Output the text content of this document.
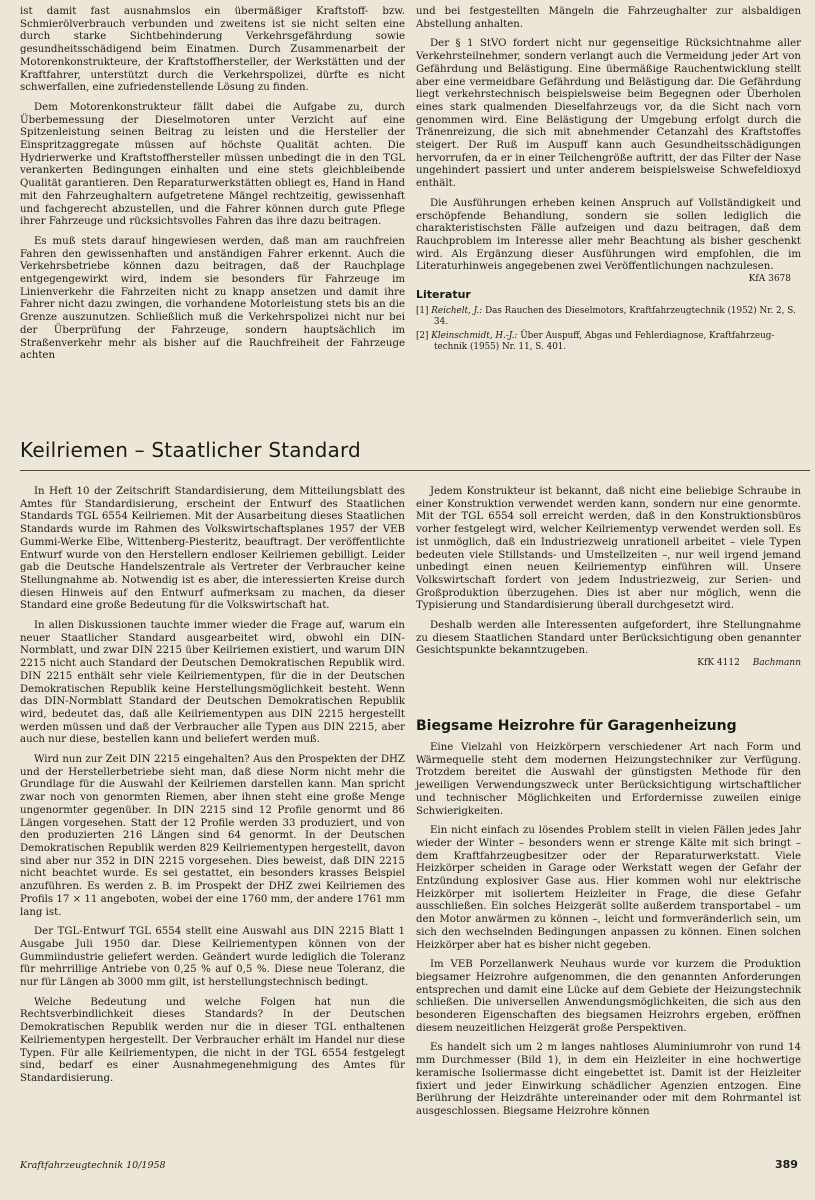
ist damit fast ausnahmslos ein übermäßiger Kraftstoff- bzw. Schmierölverbrauch verbunden und zweitens ist sie nicht selten eine durch starke Sichtbehinderung Verkehrsgefährdung sowie gesundheitsschädigend beim Einatmen. Durch Zusammenarbeit der Motorenkonstrukteure, der Kraftstoffhersteller, der Werkstätten und der Kraftfahrer, unterstützt durch die Verkehrspolizei, dürfte es nicht schwerfallen, eine zufriedenstellende Lösung zu finden.

Dem Motorenkonstrukteur fällt dabei die Aufgabe zu, durch Überbemessung der Dieselmotoren unter Verzicht auf eine Spitzenleistung seinen Beitrag zu leisten und die Hersteller der Einspritzaggregate müssen auf höchste Qualität achten. Die Hydrierwerke und Kraftstoffhersteller müssen unbedingt die in den TGL verankerten Bedingungen einhalten und eine stets gleichbleibende Qualität garantieren. Den Reparaturwerkstätten obliegt es, Hand in Hand mit den Fahrzeughaltern aufgetretene Mängel rechtzeitig, gewissenhaft und fachgerecht abzustellen, und die Fahrer können durch gute Pflege ihrer Fahrzeuge und rücksichtsvolles Fahren das ihre dazu beitragen.

Es muß stets darauf hingewiesen werden, daß man am rauchfreien Fahren den gewissenhaften und anständigen Fahrer erkennt. Auch die Verkehrsbetriebe können dazu beitragen, daß der Rauchplage entgegengewirkt wird, indem sie besonders für Fahrzeuge im Linienverkehr die Fahrzeiten nicht zu knapp ansetzen und damit ihre Fahrer nicht dazu zwingen, die vorhandene Motorleistung stets bis an die Grenze auszunutzen. Schließlich muß die Verkehrspolizei nicht nur bei der Überprüfung der Fahrzeuge, sondern hauptsächlich im Straßenverkehr mehr als bisher auf die Rauchfreiheit der Fahrzeuge achten

und bei festgestellten Mängeln die Fahrzeughalter zur alsbaldigen Abstellung anhalten.

Der § 1 StVO fordert nicht nur gegenseitige Rücksichtnahme aller Verkehrsteilnehmer, sondern verlangt auch die Vermeidung jeder Art von Gefährdung und Belästigung. Eine übermäßige Rauchentwicklung stellt aber eine vermeidbare Gefährdung und Belästigung dar. Die Gefährdung liegt verkehrstechnisch beispielsweise beim Begegnen oder Überholen eines stark qualmenden Dieselfahrzeugs vor, da die Sicht nach vorn genommen wird. Eine Belästigung der Umgebung erfolgt durch die Tränenreizung, die sich mit abnehmender Cetanzahl des Kraftstoffes steigert. Der Ruß im Auspuff kann auch Gesundheitsschädigungen hervorrufen, da er in einer Teilchengröße auftritt, der das Filter der Nase ungehindert passiert und unter anderem beispielsweise Schwefeldioxyd enthält.

Die Ausführungen erheben keinen Anspruch auf Vollständigkeit und erschöpfende Behandlung, sondern sie sollen lediglich die charakteristischsten Fälle aufzeigen und dazu beitragen, daß dem Rauchproblem im Interesse aller mehr Beachtung als bisher geschenkt wird. Als Ergänzung dieser Ausführungen wird empfohlen, die im Literaturhinweis angegebenen zwei Veröffentlichungen nachzulesen.

KfA 3678
Literatur

[1] Reichelt, J.: Das Rauchen des Dieselmotors, Kraftfahrzeugtechnik (1952) Nr. 2, S. 34.

[2] Kleinschmidt, H.-J.: Über Auspuff, Abgas und Fehlerdiagnose, Kraftfahrzeugtechnik (1955) Nr. 11, S. 401.

Keilriemen – Staatlicher Standard

In Heft 10 der Zeitschrift Standardisierung, dem Mitteilungsblatt des Amtes für Standardisierung, erscheint der Entwurf des Staatlichen Standards TGL 6554 Keilriemen. Mit der Ausarbeitung dieses Staatlichen Standards wurde im Rahmen des Volkswirtschaftsplanes 1957 der VEB Gummi-Werke Elbe, Wittenberg-Piesteritz, beauftragt. Der veröffentlichte Entwurf wurde von den Herstellern endloser Keilriemen gebilligt. Leider gab die Deutsche Handelszentrale als Vertreter der Verbraucher keine Stellungnahme ab. Notwendig ist es aber, die interessierten Kreise durch diesen Hinweis auf den Entwurf aufmerksam zu machen, da dieser Standard eine große Bedeutung für die Volkswirtschaft hat.

In allen Diskussionen tauchte immer wieder die Frage auf, warum ein neuer Staatlicher Standard ausgearbeitet wird, obwohl ein DIN-Normblatt, und zwar DIN 2215 über Keilriemen existiert, und warum DIN 2215 nicht auch Standard der Deutschen Demokratischen Republik wird. DIN 2215 enthält sehr viele Keilriementypen, für die in der Deutschen Demokratischen Republik keine Herstellungsmöglichkeit besteht. Wenn das DIN-Normblatt Standard der Deutschen Demokratischen Republik wird, bedeutet das, daß alle Keilriementypen aus DIN 2215 hergestellt werden müssen und daß der Verbraucher alle Typen aus DIN 2215, aber auch nur diese, bestellen kann und beliefert werden muß.

Wird nun zur Zeit DIN 2215 eingehalten? Aus den Prospekten der DHZ und der Herstellerbetriebe sieht man, daß diese Norm nicht mehr die Grundlage für die Auswahl der Keilriemen darstellen kann. Man spricht zwar noch von genormten Riemen, aber ihnen steht eine große Menge ungenormter gegenüber. In DIN 2215 sind 12 Profile genormt und 86 Längen vorgesehen. Statt der 12 Profile werden 33 produziert, und von den produzierten 216 Längen sind 64 genormt. In der Deutschen Demokratischen Republik werden 829 Keilriementypen hergestellt, davon sind aber nur 352 in DIN 2215 vorgesehen. Dies beweist, daß DIN 2215 nicht beachtet wurde. Es sei gestattet, ein besonders krasses Beispiel anzuführen. Es werden z. B. im Prospekt der DHZ zwei Keilriemen des Profils 17 × 11 angeboten, wobei der eine 1760 mm, der andere 1761 mm lang ist.

Der TGL-Entwurf TGL 6554 stellt eine Auswahl aus DIN 2215 Blatt 1 Ausgabe Juli 1950 dar. Diese Keilriementypen können von der Gummiindustrie geliefert werden. Geändert wurde lediglich die Toleranz für mehrrillige Antriebe von 0,25 % auf 0,5 %. Diese neue Toleranz, die nur für Längen ab 3000 mm gilt, ist herstellungstechnisch bedingt.

Welche Bedeutung und welche Folgen hat nun die Rechtsverbindlichkeit dieses Standards? In der Deutschen Demokratischen Republik werden nur die in dieser TGL enthaltenen Keilriementypen hergestellt. Der Verbraucher erhält im Handel nur diese Typen. Für alle Keilriementypen, die nicht in der TGL 6554 festgelegt sind, bedarf es einer Ausnahmegenehmigung des Amtes für Standardisierung.

Jedem Konstrukteur ist bekannt, daß nicht eine beliebige Schraube in einer Konstruktion verwendet werden kann, sondern nur eine genormte. Mit der TGL 6554 soll erreicht werden, daß in den Konstruktionsbüros vorher festgelegt wird, welcher Keilriementyp verwendet werden soll. Es ist unmöglich, daß ein Industriezweig unrationell arbeitet – viele Typen bedeuten viele Stillstands- und Umstellzeiten –, nur weil irgend jemand unbedingt einen neuen Keilriementyp einführen will. Unsere Volkswirtschaft fordert von jedem Industriezweig, zur Serien- und Großproduktion überzugehen. Dies ist aber nur möglich, wenn die Typisierung und Standardisierung überall durchgesetzt wird.

Deshalb werden alle Interessenten aufgefordert, ihre Stellungnahme zu diesem Staatlichen Standard unter Berücksichtigung oben genannter Gesichtspunkte bekanntzugeben.

KfK 4112 Bachmann
Biegsame Heizrohre für Garagenheizung

Eine Vielzahl von Heizkörpern verschiedener Art nach Form und Wärmequelle steht dem modernen Heizungstechniker zur Verfügung. Trotzdem bereitet die Auswahl der günstigsten Methode für den jeweiligen Verwendungszweck unter Berücksichtigung wirtschaftlicher und technischer Möglichkeiten und Erfordernisse zuweilen einige Schwierigkeiten.

Ein nicht einfach zu lösendes Problem stellt in vielen Fällen jedes Jahr wieder der Winter – besonders wenn er strenge Kälte mit sich bringt – dem Kraftfahrzeugbesitzer oder der Reparaturwerkstatt. Viele Heizkörper scheiden in Garage oder Werkstatt wegen der Gefahr der Entzündung explosiver Gase aus. Hier kommen wohl nur elektrische Heizkörper mit isoliertem Heizleiter in Frage, die diese Gefahr ausschließen. Ein solches Heizgerät sollte außerdem transportabel – um den Motor anwärmen zu können –, leicht und formveränderlich sein, um sich den wechselnden Bedingungen anpassen zu können. Einen solchen Heizkörper aber hat es bisher nicht gegeben.

Im VEB Porzellanwerk Neuhaus wurde vor kurzem die Produktion biegsamer Heizrohre aufgenommen, die den genannten Anforderungen entsprechen und damit eine Lücke auf dem Gebiete der Heizungstechnik schließen. Die universellen Anwendungsmöglichkeiten, die sich aus den besonderen Eigenschaften des biegsamen Heizrohrs ergeben, eröffnen diesem neuzeitlichen Heizgerät große Perspektiven.

Es handelt sich um 2 m langes nahtloses Aluminiumrohr von rund 14 mm Durchmesser (Bild 1), in dem ein Heizleiter in eine hochwertige keramische Isoliermasse dicht eingebettet ist. Damit ist der Heizleiter fixiert und jeder Einwirkung schädlicher Agenzien entzogen. Eine Berührung der Heizdrähte untereinander oder mit dem Rohrmantel ist ausgeschlossen. Biegsame Heizrohre können

Kraftfahrzeugtechnik 10/1958	389
